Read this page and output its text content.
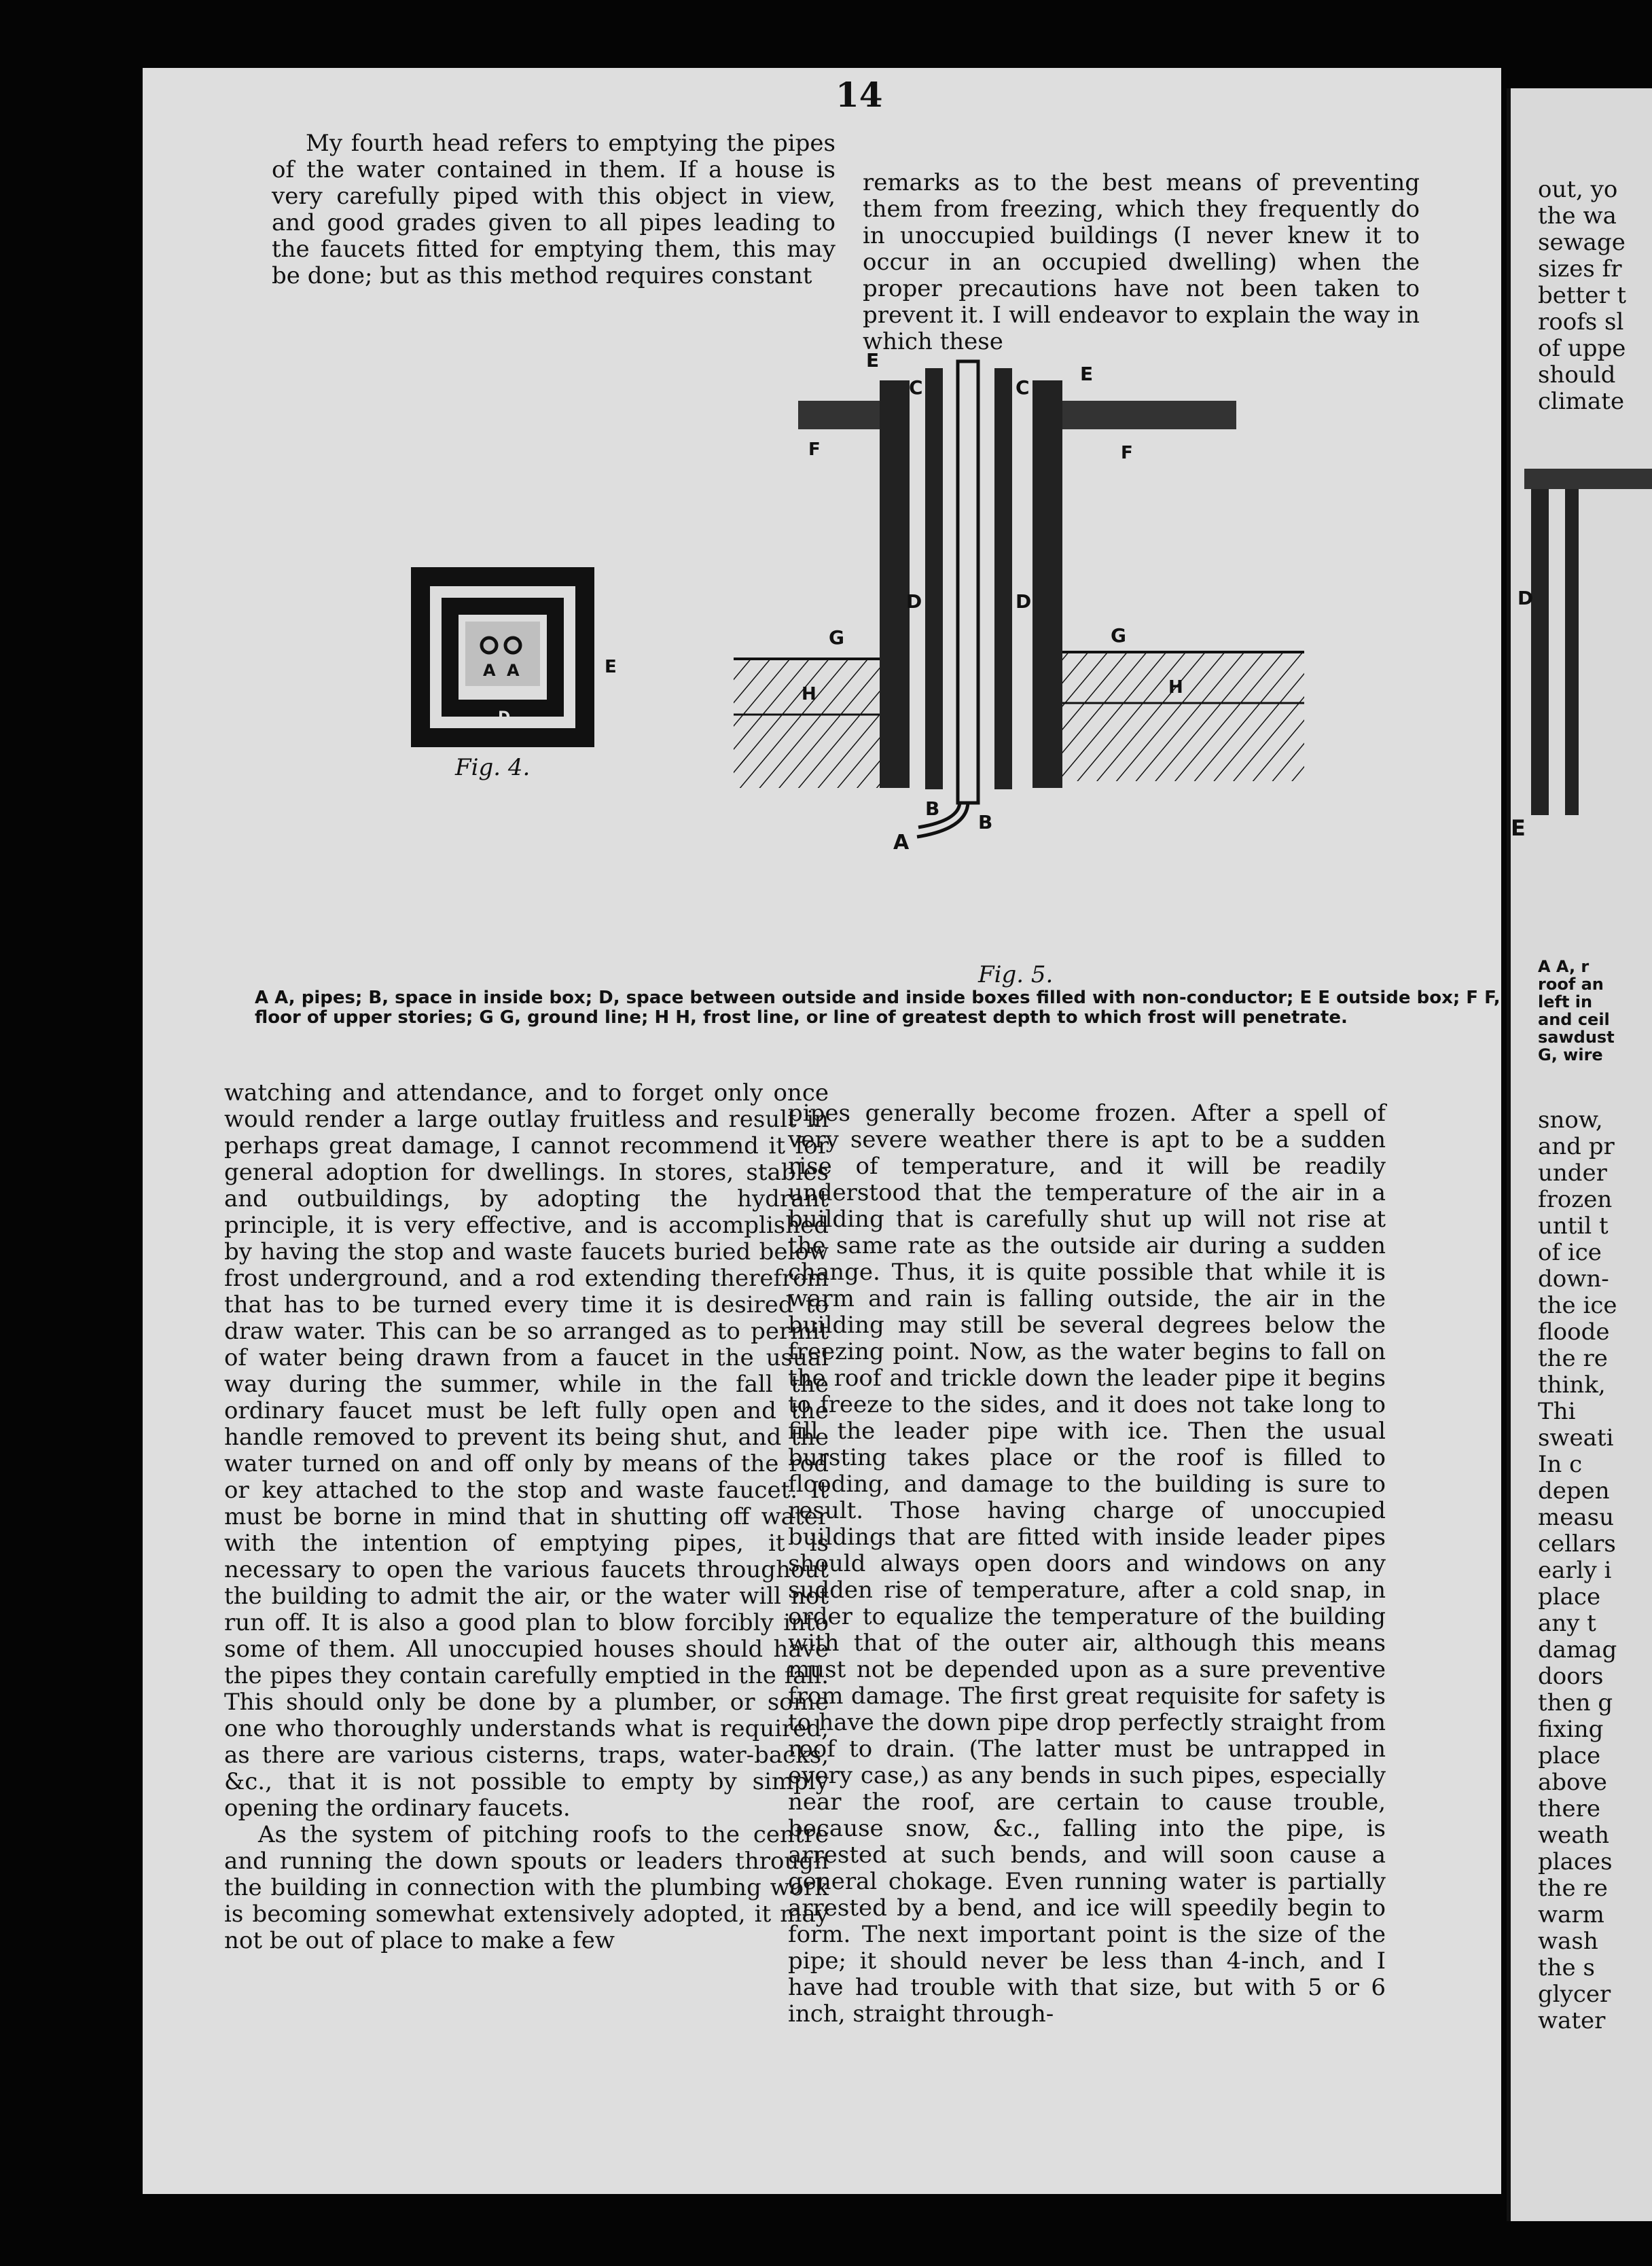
14
My fourth head refers to emptying the pipes of the water contained in them. If a house is very carefully piped with this object in view, and good grades given to all pipes leading to the faucets fitted for emptying them, this may be done; but as this method requires constant
remarks as to the best means of preventing them from freezing, which they frequently do in unoccupied buildings (I never knew it to occur in an occupied dwelling) when the proper precautions have not been taken to prevent it. I will endeavor to explain the way in which these
A A
D
E
Fig. 4.
E
E
F	F
C	C
D	D
G	G
H	H
B
B
A
Fig. 5.
A A, pipes; B, space in inside box; D, space between outside and inside boxes filled with non-conductor; E E outside box; F F, floor of upper stories; G G, ground line; H H, frost line, or line of greatest depth to which frost will penetrate.

watching and attendance, and to forget only once would render a large outlay fruitless and result in perhaps great damage, I cannot recommend it for general adoption for dwellings. In stores, stables and outbuildings, by adopting the hydrant principle, it is very effective, and is accomplished by having the stop and waste faucets buried below frost underground, and a rod extending therefrom that has to be turned every time it is desired to draw water. This can be so arranged as to permit of water being drawn from a faucet in the usual way during the summer, while in the fall the ordinary faucet must be left fully open and the handle removed to prevent its being shut, and the water turned on and off only by means of the rod or key attached to the stop and waste faucet. It must be borne in mind that in shutting off water with the intention of emptying pipes, it is necessary to open the various faucets throughout the building to admit the air, or the water will not run off. It is also a good plan to blow forcibly into some of them. All unoccupied houses should have the pipes they contain carefully emptied in the fall. This should only be done by a plumber, or some one who thoroughly understands what is required, as there are various cisterns, traps, water-backs, &c., that it is not possible to empty by simply opening the ordinary faucets.

As the system of pitching roofs to the centre and running the down spouts or leaders through the building in connection with the plumbing work is becoming somewhat extensively adopted, it may not be out of place to make a few

pipes generally become frozen. After a spell of very severe weather there is apt to be a sudden rise of temperature, and it will be readily understood that the temperature of the air in a building that is carefully shut up will not rise at the same rate as the outside air during a sudden change. Thus, it is quite possible that while it is warm and rain is falling outside, the air in the building may still be several degrees below the freezing point. Now, as the water begins to fall on the roof and trickle down the leader pipe it begins to freeze to the sides, and it does not take long to fill the leader pipe with ice. Then the usual bursting takes place or the roof is filled to flooding, and damage to the building is sure to result. Those having charge of unoccupied buildings that are fitted with inside leader pipes should always open doors and windows on any sudden rise of temperature, after a cold snap, in order to equalize the temperature of the building with that of the outer air, although this means must not be depended upon as a sure preventive from damage. The first great requisite for safety is to have the down pipe drop perfectly straight from roof to drain. (The latter must be untrapped in every case,) as any bends in such pipes, especially near the roof, are certain to cause trouble, because snow, &c., falling into the pipe, is arrested at such bends, and will soon cause a general chokage. Even running water is partially arrested by a bend, and ice will speedily begin to form. The next important point is the size of the pipe; it should never be less than 4-inch, and I have had trouble with that size, but with 5 or 6 inch, straight through-
out, yo
the wa
sewage
sizes fr
better t
roofs sl
of uppe
should
climate
D
E
A A, r
roof an
left in
and ceil
sawdust
G, wire
snow,
and pr
under
frozen
until t
of ice
down-
the ice
floode
the re
think,
Thi
sweati
In c
depen
measu
cellars
early i
place
any t
damag
doors
then g
fixing
place
above
there
weath
places
the re
warm
wash
the s
glycer
water
